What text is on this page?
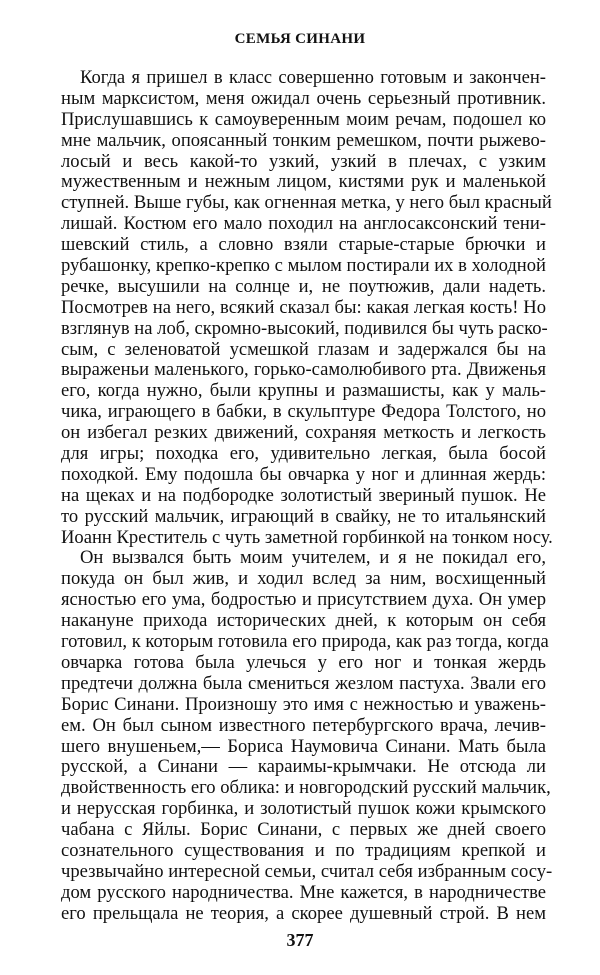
СЕМЬЯ СИНАНИ
Когда я пришел в класс совершенно готовым и закончен-
ным марксистом, меня ожидал очень серьезный противник.
Прислушавшись к самоуверенным моим речам, подошел ко
мне мальчик, опоясанный тонким ремешком, почти рыжево-
лосый и весь какой-то узкий, узкий в плечах, с узким
мужественным и нежным лицом, кистями рук и маленькой
ступней. Выше губы, как огненная метка, у него был красный
лишай. Костюм его мало походил на англосаксонский тени-
шевский стиль, а словно взяли старые-старые брючки и
рубашонку, крепко-крепко с мылом постирали их в холодной
речке, высушили на солнце и, не поутюжив, дали надеть.
Посмотрев на него, всякий сказал бы: какая легкая кость! Но
взглянув на лоб, скромно-высокий, подивился бы чуть раско-
сым, с зеленоватой усмешкой глазам и задержался бы на
выраженьи маленького, горько-самолюбивого рта. Движенья
его, когда нужно, были крупны и размашисты, как у маль-
чика, играющего в бабки, в скульптуре Федора Толстого, но
он избегал резких движений, сохраняя меткость и легкость
для игры; походка его, удивительно легкая, была босой
походкой. Ему подошла бы овчарка у ног и длинная жердь:
на щеках и на подбородке золотистый звериный пушок. Не
то русский мальчик, играющий в свайку, не то итальянский
Иоанн Креститель с чуть заметной горбинкой на тонком носу.
Он вызвался быть моим учителем, и я не покидал его,
покуда он был жив, и ходил вслед за ним, восхищенный
ясностью его ума, бодростью и присутствием духа. Он умер
накануне прихода исторических дней, к которым он себя
готовил, к которым готовила его природа, как раз тогда, когда
овчарка готова была улечься у его ног и тонкая жердь
предтечи должна была смениться жезлом пастуха. Звали его
Борис Синани. Произношу это имя с нежностью и уважень-
ем. Он был сыном известного петербургского врача, лечив-
шего внушеньем,— Бориса Наумовича Синани. Мать была
русской, а Синани — караимы-крымчаки. Не отсюда ли
двойственность его облика: и новгородский русский мальчик,
и нерусская горбинка, и золотистый пушок кожи крымского
чабана с Яйлы. Борис Синани, с первых же дней своего
сознательного существования и по традициям крепкой и
чрезвычайно интересной семьи, считал себя избранным сосу-
дом русского народничества. Мне кажется, в народничестве
его прельщала не теория, а скорее душевный строй. В нем
377
